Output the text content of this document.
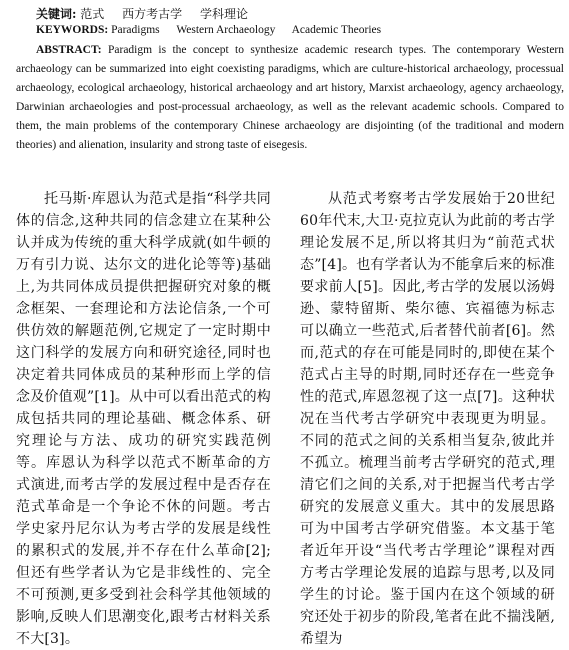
关键词: 范式 西方考古学 学科理论
KEYWORDS: Paradigms Western Archaeology Academic Theories
ABSTRACT: Paradigm is the concept to synthesize academic research types. The contemporary Western archaeology can be summarized into eight coexisting paradigms, which are culture-historical archaeology, processual archaeology, ecological archaeology, historical archaeology and art history, Marxist archaeology, agency archaeology, Darwinian archaeologies and post-processual archaeology, as well as the relevant academic schools. Compared to them, the main problems of the contemporary Chinese archaeology are disjointing (of the traditional and modern theories) and alienation, insularity and strong taste of eisegesis.

托马斯·库恩认为范式是指“科学共同体的信念,这种共同的信念建立在某种公认并成为传统的重大科学成就(如牛顿的万有引力说、达尔文的进化论等等)基础上,为共同体成员提供把握研究对象的概念框架、一套理论和方法论信条,一个可供仿效的解题范例,它规定了一定时期中这门科学的发展方向和研究途径,同时也决定着共同体成员的某种形而上学的信念及价值观”[1]。从中可以看出范式的构成包括共同的理论基础、概念体系、研究理论与方法、成功的研究实践范例等。库恩认为科学以范式不断革命的方式演进,而考古学的发展过程中是否存在范式革命是一个争论不休的问题。考古学史家丹尼尔认为考古学的发展是线性的累积式的发展,并不存在什么革命[2];但还有些学者认为它是非线性的、完全不可预测,更多受到社会科学其他领域的影响,反映人们思潮变化,跟考古材料关系不大[3]。

从范式考察考古学发展始于20世纪60年代末,大卫·克拉克认为此前的考古学理论发展不足,所以将其归为“前范式状态”[4]。也有学者认为不能拿后来的标准要求前人[5]。因此,考古学的发展以汤姆逊、蒙特留斯、柴尔德、宾福德为标志可以确立一些范式,后者替代前者[6]。然而,范式的存在可能是同时的,即使在某个范式占主导的时期,同时还存在一些竞争性的范式,库恩忽视了这一点[7]。这种状况在当代考古学研究中表现更为明显。不同的范式之间的关系相当复杂,彼此并不孤立。梳理当前考古学研究的范式,理清它们之间的关系,对于把握当代考古学研究的发展意义重大。其中的发展思路可为中国考古学研究借鉴。本文基于笔者近年开设“当代考古学理论”课程对西方考古学理论发展的追踪与思考,以及同学生的讨论。鉴于国内在这个领域的研究还处于初步的阶段,笔者在此不揣浅陋,希望为
